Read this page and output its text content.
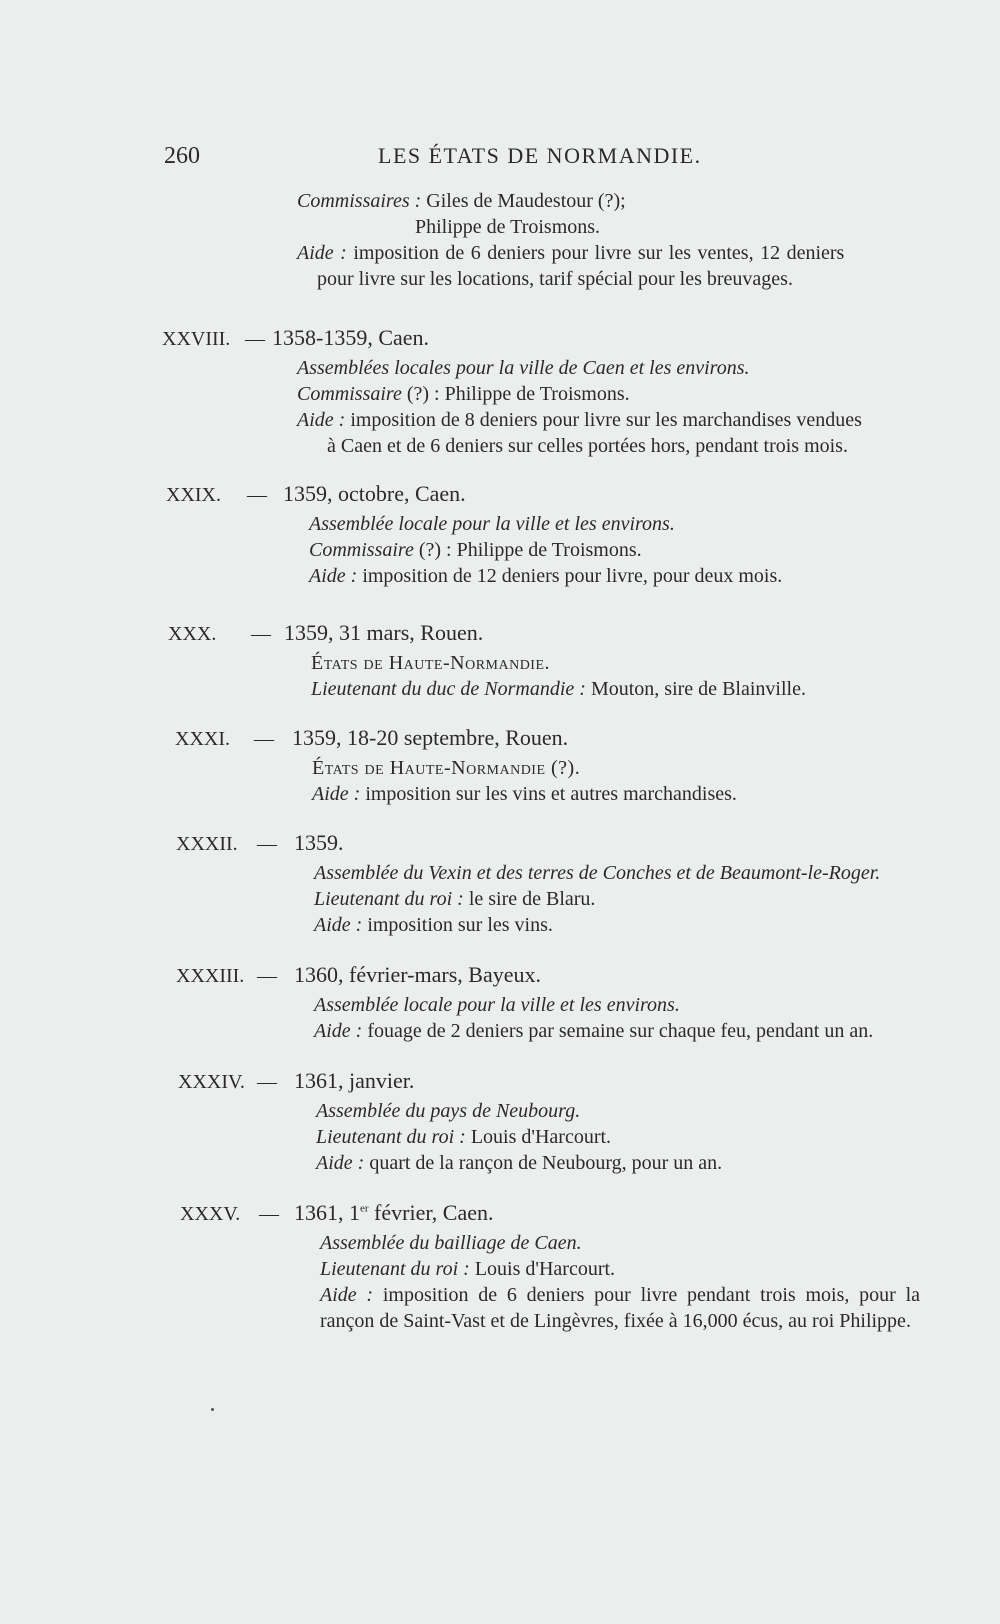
260	LES ÉTATS DE NORMANDIE.
Commissaires : Giles de Maudestour (?);
Philippe de Troismons.
Aide : imposition de 6 deniers pour livre sur les ventes, 12 deniers
pour livre sur les locations, tarif spécial pour les breuvages.
XXVIII. — 1358-1359, Caen.
Assemblées locales pour la ville de Caen et les environs.
Commissaire (?) : Philippe de Troismons.
Aide : imposition de 8 deniers pour livre sur les marchandises vendues
à Caen et de 6 deniers sur celles portées hors, pendant trois mois.
XXIX. — 1359, octobre, Caen.
Assemblée locale pour la ville et les environs.
Commissaire (?) : Philippe de Troismons.
Aide : imposition de 12 deniers pour livre, pour deux mois.
XXX. — 1359, 31 mars, Rouen.
États de Haute-Normandie.
Lieutenant du duc de Normandie : Mouton, sire de Blainville.
XXXI. — 1359, 18-20 septembre, Rouen.
États de Haute-Normandie (?).
Aide : imposition sur les vins et autres marchandises.
XXXII. — 1359.
Assemblée du Vexin et des terres de Conches et de Beaumont-le-Roger.
Lieutenant du roi : le sire de Blaru.
Aide : imposition sur les vins.
XXXIII. — 1360, février-mars, Bayeux.
Assemblée locale pour la ville et les environs.
Aide : fouage de 2 deniers par semaine sur chaque feu, pendant un an.
XXXIV. — 1361, janvier.
Assemblée du pays de Neubourg.
Lieutenant du roi : Louis d'Harcourt.
Aide : quart de la rançon de Neubourg, pour un an.
XXXV. — 1361, 1er février, Caen.
Assemblée du bailliage de Caen.
Lieutenant du roi : Louis d'Harcourt.
Aide : imposition de 6 deniers pour livre pendant trois mois, pour la rançon de Saint-Vast et de Lingèvres, fixée à 16,000 écus, au roi Philippe.
